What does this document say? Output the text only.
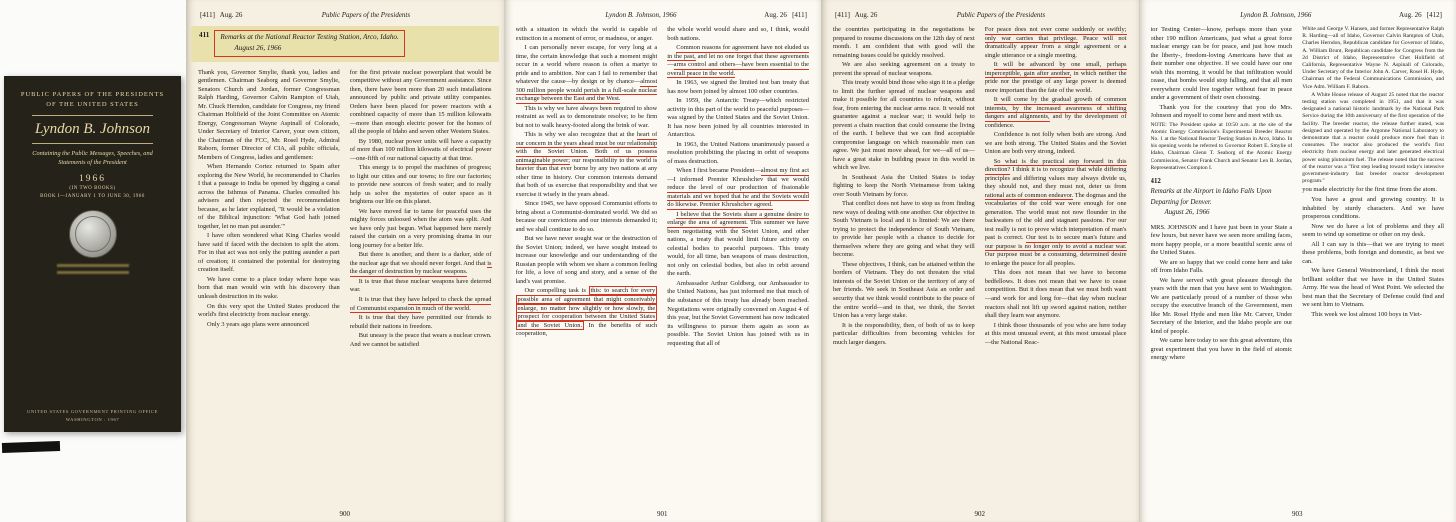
PUBLIC PAPERS OF THE PRESIDENTS
OF THE UNITED STATES
Lyndon B. Johnson
Containing the Public Messages, Speeches, and Statements of the President
1966
(IN TWO BOOKS)
BOOK I—JANUARY 1 TO JUNE 30, 1966
UNITED STATES GOVERNMENT PRINTING OFFICE
WASHINGTON : 1967
[411]   Aug. 26	Public Papers of the Presidents
411 Remarks at the National Reactor Testing Station, Arco, Idaho.
August 26, 1966

Thank you, Governor Smylie, thank you, ladies and gentlemen. Chairman Seaborg and Governor Smylie, Senators Church and Jordan, former Congressman Ralph Harding, Governor Calvin Rampton of Utah, Mr. Chuck Herndon, candidate for Congress, my friend Chairman Holifield of the Joint Committee on Atomic Energy, Congressman Wayne Aspinall of Colorado, Under Secretary of Interior Carver, your own citizen, the Chairman of the FCC, Mr. Rosel Hyde, Admiral Raborn, former Director of CIA, all public officials, Members of Congress, ladies and gentlemen:

When Hernando Cortez returned to Spain after exploring the New World, he recommended to Charles I that a passage to India be opened by digging a canal across the Isthmus of Panama. Charles consulted his advisers and then rejected the recommendation because, as he later explained, "It would be a violation of the Biblical injunction: 'What God hath joined together, let no man put asunder.'"

I have often wondered what King Charles would have said if faced with the decision to split the atom. For in that act was not only the putting asunder a part of creation; it contained the potential for destroying creation itself.

We have come to a place today where hope was born that man would win with his discovery than unleash destruction in its wake.

On this very spot the United States produced the world's first electricity from nuclear energy.

Only 3 years ago plans were announced

for the first private nuclear powerplant that would be competitive without any Government assistance. Since then, there have been more than 20 such installations announced by public and private utility companies. Orders have been placed for power reactors with a combined capacity of more than 15 million kilowatts—more than enough electric power for the homes of all the people of Idaho and seven other Western States.

By 1980, nuclear power units will have a capacity of more than 100 million kilowatts of electrical power—one-fifth of our national capacity at that time.

This energy is to propel the machines of progress; to light our cities and our towns; to fire our factories; to provide new sources of fresh water; and to really help us solve the mysteries of outer space as it brightens our life on this planet.

We have moved far to tame for peaceful uses the mighty forces unloosed when the atom was split. And we have only just begun. What happened here merely raised the curtain on a very promising drama in our long journey for a better life.

But there is another, and there is a darker, side of the nuclear age that we should never forget. And that is the danger of destruction by nuclear weapons.

It is true that these nuclear weapons have deterred war.

It is true that they have helped to check the spread of Communist expansion in much of the world.

It is true that they have permitted our friends to rebuild their nations in freedom.

But uneasy is the peace that wears a nuclear crown. And we cannot be satisfied

900
Lyndon B. Johnson, 1966	Aug. 26   [411]

with a situation in which the world is capable of extinction in a moment of error, or madness, or anger.

I can personally never escape, for very long at a time, the certain knowledge that such a moment might occur in a world where reason is often a martyr to pride and to ambition. Nor can I fail to remember that whatever the cause—by design or by chance—almost 300 million people would perish in a full-scale nuclear exchange between the East and the West.

This is why we have always been required to show restraint as well as to demonstrate resolve; to be firm but not to walk heavy-footed along the brink of war.

This is why we also recognize that at the heart of our concern in the years ahead must be our relationship with the Soviet Union. Both of us possess unimaginable power; our responsibility to the world is heavier than that ever borne by any two nations at any other time in history. Our common interests demand that both of us exercise that responsibility and that we exercise it wisely in the years ahead.

Since 1945, we have opposed Communist efforts to bring about a Communist-dominated world. We did so because our convictions and our interests demanded it; and we shall continue to do so.

But we have never sought war or the destruction of the Soviet Union; indeed, we have sought instead to increase our knowledge and our understanding of the Russian people with whom we share a common feeling for life, a love of song and story, and a sense of the land's vast promise.

Our compelling task is this: to search for every possible area of agreement that might conceivably enlarge, no matter how slightly or how slowly, the prospect for cooperation between the United States and the Soviet Union. In the benefits of such cooperation,

the whole world would share and so, I think, would both nations.

Common reasons for agreement have not eluded us in the past, and let no one forget that these agreements—arms control and others—have been essential to the overall peace in the world.

In 1963, we signed the limited test ban treaty that has now been joined by almost 100 other countries.

In 1959, the Antarctic Treaty—which restricted activity in this part of the world to peaceful purposes—was signed by the United States and the Soviet Union. It has now been joined by all countries interested in Antarctica.

In 1963, the United Nations unanimously passed a resolution prohibiting the placing in orbit of weapons of mass destruction.

When I first became President—almost my first act—I informed Premier Khrushchev that we would reduce the level of our production of fissionable materials and we hoped that he and the Soviets would do likewise. Premier Khrushchev agreed.

I believe that the Soviets share a genuine desire to enlarge the area of agreement. This summer we have been negotiating with the Soviet Union, and other nations, a treaty that would limit future activity on celestial bodies to peaceful purposes. This treaty would, for all time, ban weapons of mass destruction, not only on celestial bodies, but also in orbit around the earth.

Ambassador Arthur Goldberg, our Ambassador to the United Nations, has just informed me that much of the substance of this treaty has already been reached. Negotiations were originally convened on August 4 of this year, but the Soviet Government has now indicated its willingness to pursue them again as soon as possible. The Soviet Union has joined with us in requesting that all of

901
[411]   Aug. 26	Public Papers of the Presidents

the countries participating in the negotiations be prepared to resume discussions on the 12th day of next month. I am confident that with good will the remaining issues could be quickly resolved.

We are also seeking agreement on a treaty to prevent the spread of nuclear weapons.

This treaty would bind those who sign it in a pledge to limit the further spread of nuclear weapons and make it possible for all countries to refrain, without fear, from entering the nuclear arms race. It would not guarantee against a nuclear war; it would help to prevent a chain reaction that could consume the living of the earth. I believe that we can find acceptable compromise language on which reasonable men can agree. We just must move ahead, for we—all of us—have a great stake in building peace in this world in which we live.

In Southeast Asia the United States is today fighting to keep the North Vietnamese from taking over South Vietnam by force.

That conflict does not have to stop us from finding new ways of dealing with one another. Our objective in South Vietnam is local and it is limited: We are there trying to protect the independence of South Vietnam, to provide her people with a chance to decide for themselves where they are going and what they will become.

These objectives, I think, can be attained within the borders of Vietnam. They do not threaten the vital interests of the Soviet Union or the territory of any of her friends. We seek in Southeast Asia an order and security that we think would contribute to the peace of the entire world—and in that, we think, the Soviet Union has a very large stake.

It is the responsibility, then, of both of us to keep particular difficulties from becoming vehicles for much larger dangers.

For peace does not ever come suddenly or swiftly; only war carries that privilege. Peace will not dramatically appear from a single agreement or a single utterance or a single meeting.

It will be advanced by one small, perhaps imperceptible, gain after another, in which neither the pride nor the prestige of any large power is deemed more important than the fate of the world.

It will come by the gradual growth of common interests, by the increased awareness of shifting dangers and alignments, and by the development of confidence.

Confidence is not folly when both are strong. And we are both strong. The United States and the Soviet Union are both very strong, indeed.

So what is the practical step forward in this direction? I think it is to recognize that while differing principles and differing values may always divide us, they should not, and they must not, deter us from rational acts of common endeavor. The dogmas and the vocabularies of the cold war were enough for one generation. The world must not now flounder in the backwaters of the old and stagnant passions. For our test really is not to prove which interpretation of man's past is correct. Our test is to secure man's future and our purpose is no longer only to avoid a nuclear war. Our purpose must be a consuming, determined desire to enlarge the peace for all peoples.

This does not mean that we have to become bedfellows. It does not mean that we have to cease competition. But it does mean that we must both want—and work for and long for—that day when nuclear reactors shall not lift up sword against nation, neither shall they learn war anymore.

I think those thousands of you who are here today at this most unusual event, at this most unusual place—the National Reac-

902
Lyndon B. Johnson, 1966	Aug. 26   [412]

tor Testing Center—know, perhaps more than your other 190 million Americans, just what a great force nuclear energy can be for peace, and just how much the liberty-, freedom-loving Americans have that as their number one objective. If we could have our one wish this morning, it would be that infiltration would cease, that bombs would stop falling, and that all men everywhere could live together without fear in peace under a government of their own choosing.

Thank you for the courtesy that you do Mrs. Johnson and myself to come here and meet with us.

NOTE: The President spoke at 10:50 a.m. at the site of the Atomic Energy Commission's Experimental Breeder Reactor No. 1 at the National Reactor Testing Station in Arco, Idaho. In his opening words he referred to Governor Robert E. Smylie of Idaho, Chairman Glenn T. Seaborg of the Atomic Energy Commission, Senator Frank Church and Senator Len B. Jordan, Representatives Compton I.

412Remarks at the Airport in Idaho Falls Upon Departing for Denver.
August 26, 1966

MRS. JOHNSON and I have just been in your State a few hours, but never have we seen more smiling faces, more happy people, or a more beautiful scenic area of the United States.

We are so happy that we could come here and take off from Idaho Falls.

We have served with great pleasure through the years with the men that you have sent to Washington. We are particularly proud of a number of those who occupy the executive branch of the Government, men like Mr. Rosel Hyde and men like Mr. Carver, Under Secretary of the Interior, and the Idaho people are our kind of people.

We came here today to see this great adventure, this great experiment that you have in the field of atomic energy where

White and George V. Hansen, and former Representative Ralph R. Harding—all of Idaho, Governor Calvin Rampton of Utah, Charles Herndon, Republican candidate for Governor of Idaho, A. William Brunt, Republican candidate for Congress from the 2d District of Idaho, Representative Chet Holifield of California, Representative Wayne N. Aspinall of Colorado, Under Secretary of the Interior John A. Carver, Rosel H. Hyde, Chairman of the Federal Communications Commission, and Vice Adm. William F. Raborn.

A White House release of August 25 noted that the reactor testing station was completed in 1951, and that it was designated a national historic landmark by the National Park Service during the 10th anniversary of the first operation of the facility. The breeder reactor, the release further stated, was designed and operated by the Argonne National Laboratory to demonstrate that a reactor could produce more fuel than it consumes. The reactor also produced the world's first electricity from nuclear energy and later generated electrical power using plutonium fuel. The release noted that the success of the reactor was a "first step leading toward today's intensive government-industry fast breeder reactor development program."

you made electricity for the first time from the atom.

You have a great and growing country. It is inhabited by sturdy characters. And we have prosperous conditions.

Now we do have a lot of problems and they all seem to wind up sometime or other on my desk.

All I can say is this—that we are trying to meet these problems, both foreign and domestic, as best we can.

We have General Westmoreland, I think the most brilliant soldier that we have in the United States Army. He was the head of West Point. We selected the best man that the Secretary of Defense could find and we sent him to Vietnam.

This week we lost almost 100 boys in Viet-

903
